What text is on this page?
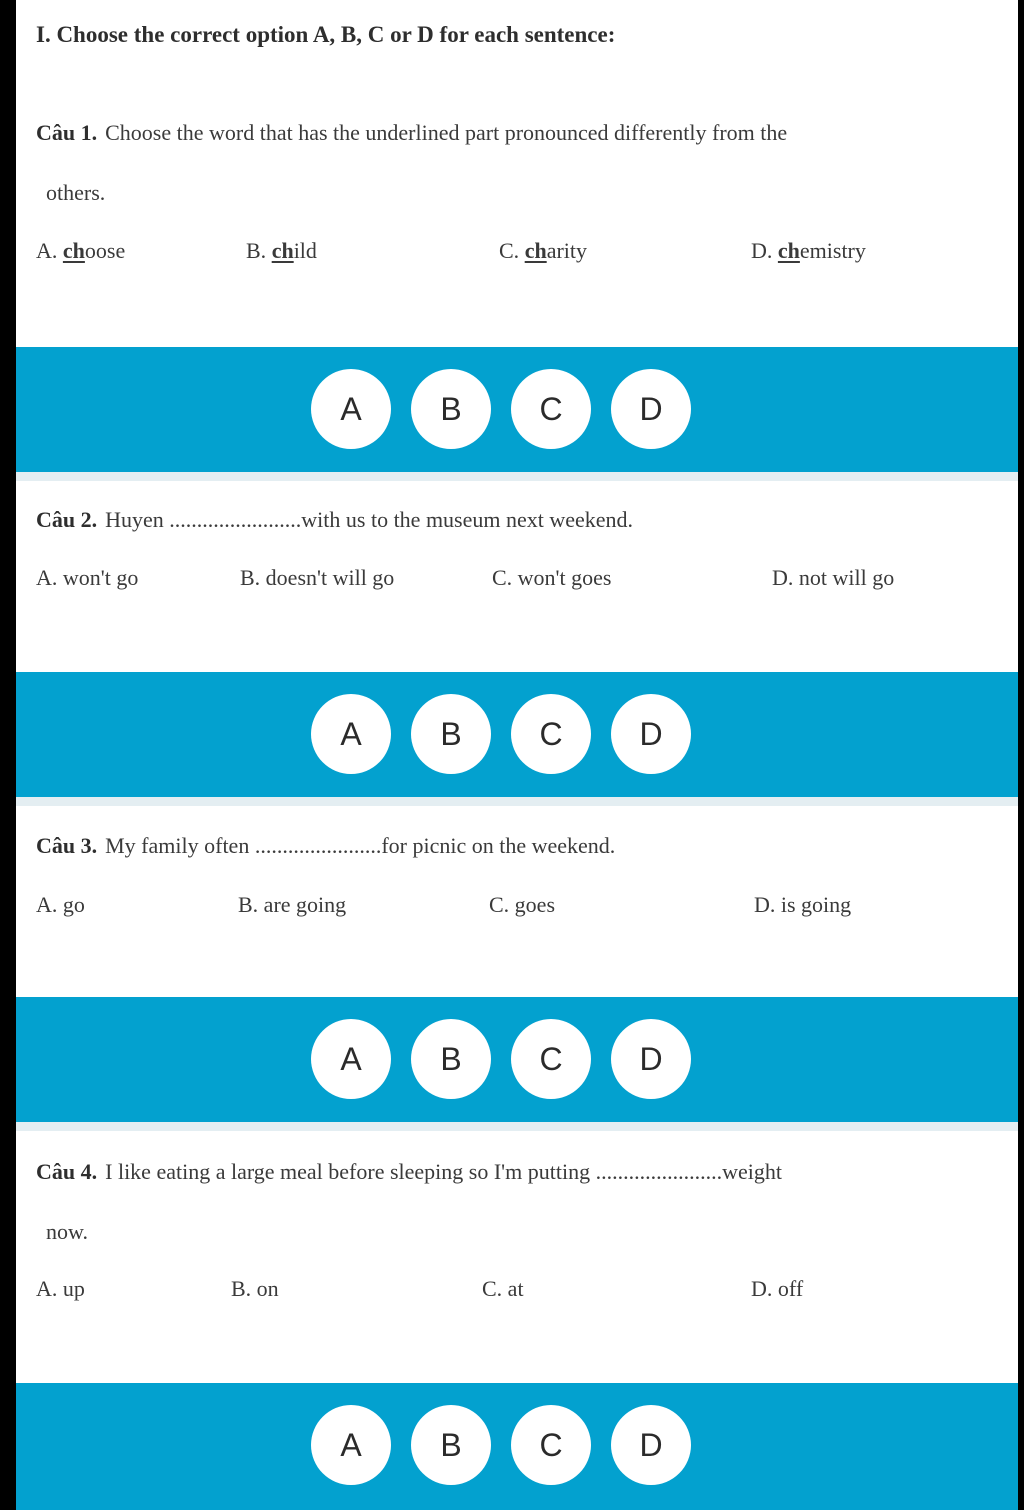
I. Choose the correct option A, B, C or D for each sentence:
Câu 1. Choose the word that has the underlined part pronounced differently from the
others.
A. choose	B. child	C. charity	D. chemistry
A	B	C	D
Câu 2. Huyen ........................with us to the museum next weekend.
A. won't go	B. doesn't will go	C. won't goes	D. not will go
A	B	C	D
Câu 3. My family often .......................for picnic on the weekend.
A. go	B. are going	C. goes	D. is going
A	B	C	D
Câu 4. I like eating a large meal before sleeping so I'm putting .......................weight
now.
A. up	B. on	C. at	D. off
A	B	C	D
